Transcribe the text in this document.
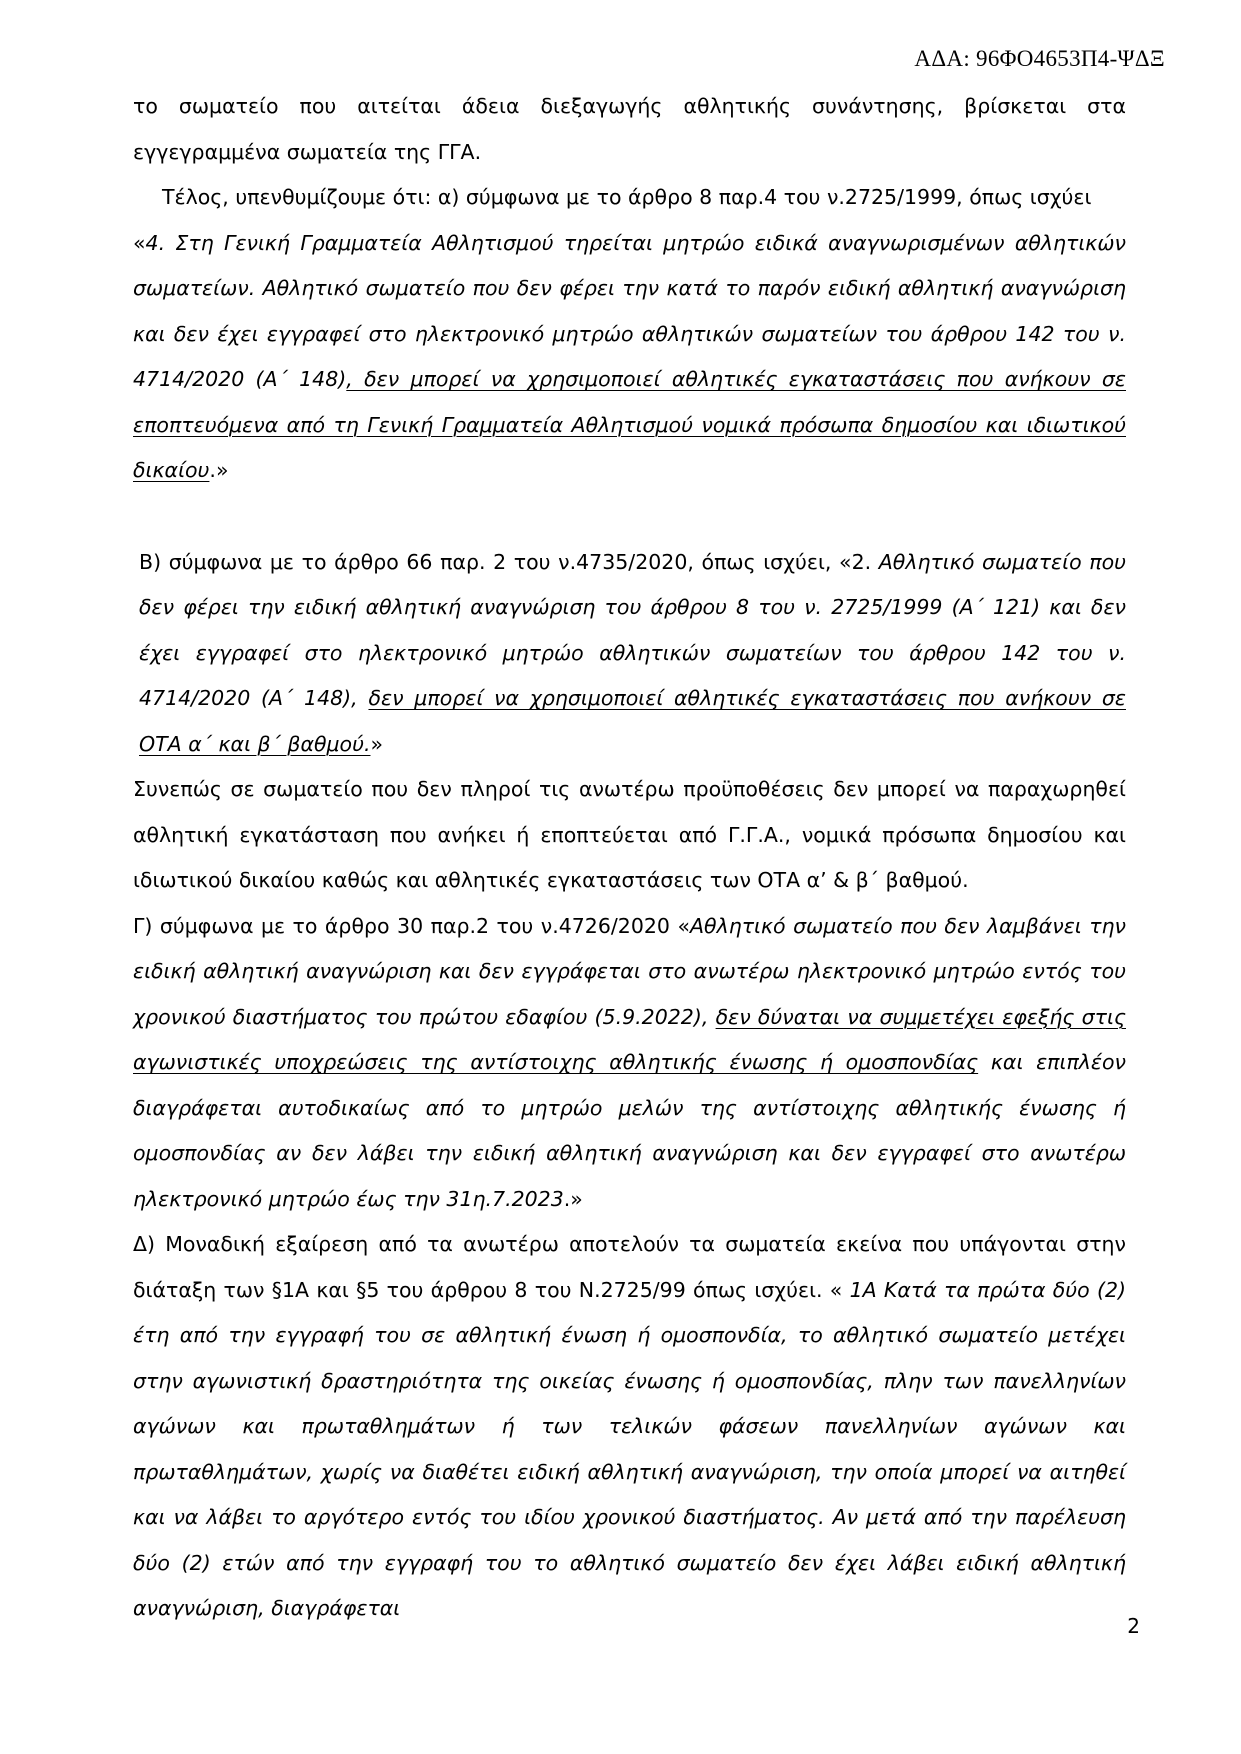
ΑΔΑ: 96ΦΟ4653Π4-ΨΔΞ

το σωματείο που αιτείται άδεια διεξαγωγής αθλητικής συνάντησης, βρίσκεται στα εγγεγραμμένα σωματεία της ΓΓΑ.

Τέλος, υπενθυμίζουμε ότι: α) σύμφωνα με το άρθρο 8 παρ.4 του ν.2725/1999, όπως ισχύει

«4. Στη Γενική Γραμματεία Αθλητισμού τηρείται μητρώο ειδικά αναγνωρισμένων αθλητικών σωματείων. Αθλητικό σωματείο που δεν φέρει την κατά το παρόν ειδική αθλητική αναγνώριση και δεν έχει εγγραφεί στο ηλεκτρονικό μητρώο αθλητικών σωματείων του άρθρου 142 του ν. 4714/2020 (Α΄ 148), δεν μπορεί να χρησιμοποιεί αθλητικές εγκαταστάσεις που ανήκουν σε εποπτευόμενα από τη Γενική Γραμματεία Αθλητισμού νομικά πρόσωπα δημοσίου και ιδιωτικού δικαίου.»

Β) σύμφωνα με το άρθρο 66 παρ. 2 του ν.4735/2020, όπως ισχύει, «2. Αθλητικό σωματείο που δεν φέρει την ειδική αθλητική αναγνώριση του άρθρου 8 του ν. 2725/1999 (Α΄ 121) και δεν έχει εγγραφεί στο ηλεκτρονικό μητρώο αθλητικών σωματείων του άρθρου 142 του ν. 4714/2020 (Α΄ 148), δεν μπορεί να χρησιμοποιεί αθλητικές εγκαταστάσεις που ανήκουν σε ΟΤΑ α΄ και β΄ βαθμού.»

Συνεπώς σε σωματείο που δεν πληροί τις ανωτέρω προϋποθέσεις δεν μπορεί να παραχωρηθεί αθλητική εγκατάσταση που ανήκει ή εποπτεύεται από Γ.Γ.Α., νομικά πρόσωπα δημοσίου και ιδιωτικού δικαίου καθώς και αθλητικές εγκαταστάσεις των ΟΤΑ α’ & β΄ βαθμού.

Γ) σύμφωνα με το άρθρο 30 παρ.2 του ν.4726/2020 «Αθλητικό σωματείο που δεν λαμβάνει την ειδική αθλητική αναγνώριση και δεν εγγράφεται στο ανωτέρω ηλεκτρονικό μητρώο εντός του χρονικού διαστήματος του πρώτου εδαφίου (5.9.2022), δεν δύναται να συμμετέχει εφεξής στις αγωνιστικές υποχρεώσεις της αντίστοιχης αθλητικής ένωσης ή ομοσπονδίας και επιπλέον διαγράφεται αυτοδικαίως από το μητρώο μελών της αντίστοιχης αθλητικής ένωσης ή ομοσπονδίας αν δεν λάβει την ειδική αθλητική αναγνώριση και δεν εγγραφεί στο ανωτέρω ηλεκτρονικό μητρώο έως την 31η.7.2023.»

Δ) Μοναδική εξαίρεση από τα ανωτέρω αποτελούν τα σωματεία εκείνα που υπάγονται στην διάταξη των §1Α και §5 του άρθρου 8 του Ν.2725/99 όπως ισχύει. « 1Α Κατά τα πρώτα δύο (2) έτη από την εγγραφή του σε αθλητική ένωση ή ομοσπονδία, το αθλητικό σωματείο μετέχει στην αγωνιστική δραστηριότητα της οικείας ένωσης ή ομοσπονδίας, πλην των πανελληνίων αγώνων και πρωταθλημάτων ή των τελικών φάσεων πανελληνίων αγώνων και πρωταθλημάτων, χωρίς να διαθέτει ειδική αθλητική αναγνώριση, την οποία μπορεί να αιτηθεί και να λάβει το αργότερο εντός του ιδίου χρονικού διαστήματος. Αν μετά από την παρέλευση δύο (2) ετών από την εγγραφή του το αθλητικό σωματείο δεν έχει λάβει ειδική αθλητική αναγνώριση, διαγράφεται

2
